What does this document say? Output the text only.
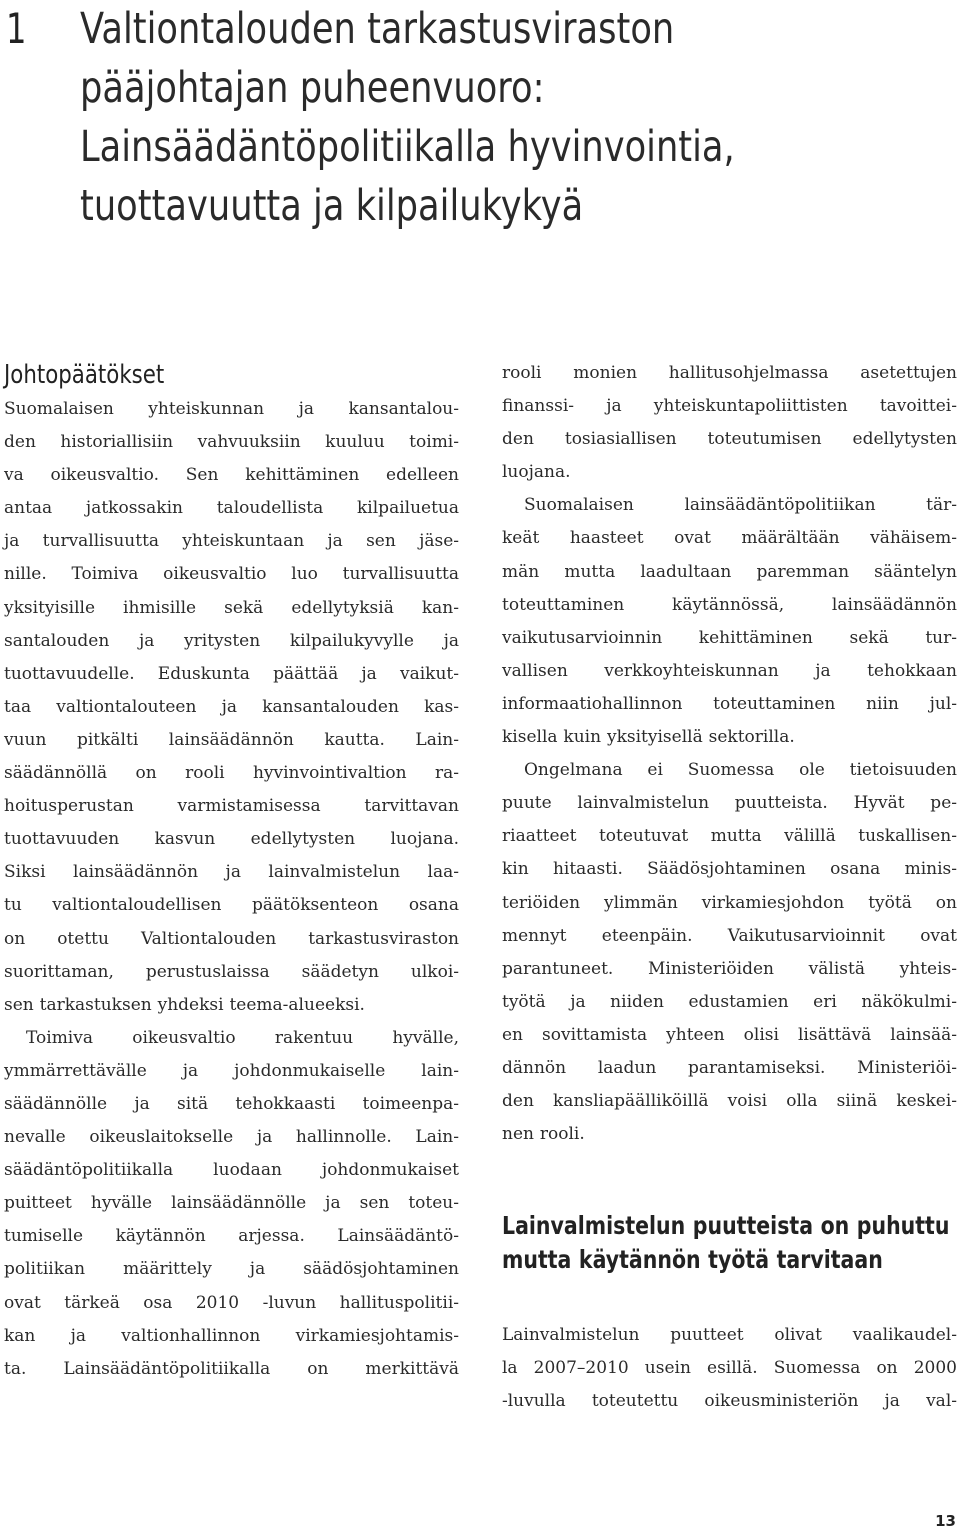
1 Valtiontalouden tarkastusviraston
pääjohtajan puheenvuoro:
Lainsäädäntöpolitiikalla hyvinvointia,
tuottavuutta ja kilpailukykyä
Johtopäätökset
Suomalaisen yhteiskunnan ja kansantalou-
den historiallisiin vahvuuksiin kuuluu toimi-
va oikeusvaltio. Sen kehittäminen edelleen
antaa jatkossakin taloudellista kilpailuetua
ja turvallisuutta yhteiskuntaan ja sen jäse-
nille. Toimiva oikeusvaltio luo turvallisuutta
yksityisille ihmisille sekä edellytyksiä kan-
santalouden ja yritysten kilpailukyvylle ja
tuottavuudelle. Eduskunta päättää ja vaikut-
taa valtiontalouteen ja kansantalouden kas-
vuun pitkälti lainsäädännön kautta. Lain-
säädännöllä on rooli hyvinvointivaltion ra-
hoitusperustan varmistamisessa tarvittavan
tuottavuuden kasvun edellytysten luojana.
Siksi lainsäädännön ja lainvalmistelun laa-
tu valtiontaloudellisen päätöksenteon osana
on otettu Valtiontalouden tarkastusviraston
suorittaman, perustuslaissa säädetyn ulkoi-
sen tarkastuksen yhdeksi teema-alueeksi.
Toimiva oikeusvaltio rakentuu hyvälle,
ymmärrettävälle ja johdonmukaiselle lain-
säädännölle ja sitä tehokkaasti toimeenpa-
nevalle oikeuslaitokselle ja hallinnolle. Lain-
säädäntöpolitiikalla luodaan johdonmukaiset
puitteet hyvälle lainsäädännölle ja sen toteu-
tumiselle käytännön arjessa. Lainsäädäntö-
politiikan määrittely ja säädösjohtaminen
ovat tärkeä osa 2010 -luvun hallituspolitii-
kan ja valtionhallinnon virkamiesjohtamis-
ta. Lainsäädäntöpolitiikalla on merkittävä
rooli monien hallitusohjelmassa asetettujen
finanssi- ja yhteiskuntapoliittisten tavoittei-
den tosiasiallisen toteutumisen edellytysten
luojana.
Suomalaisen lainsäädäntöpolitiikan tär-
keät haasteet ovat määrältään vähäisem-
män mutta laadultaan paremman sääntelyn
toteuttaminen käytännössä, lainsäädännön
vaikutusarvioinnin kehittäminen sekä tur-
vallisen verkkoyhteiskunnan ja tehokkaan
informaatiohallinnon toteuttaminen niin jul-
kisella kuin yksityisellä sektorilla.
Ongelmana ei Suomessa ole tietoisuuden
puute lainvalmistelun puutteista. Hyvät pe-
riaatteet toteutuvat mutta välillä tuskallisen-
kin hitaasti. Säädösjohtaminen osana minis-
teriöiden ylimmän virkamiesjohdon työtä on
mennyt eteenpäin. Vaikutusarvioinnit ovat
parantuneet. Ministeriöiden välistä yhteis-
työtä ja niiden edustamien eri näkökulmi-
en sovittamista yhteen olisi lisättävä lainsää-
dännön laadun parantamiseksi. Ministeriöi-
den kansliapäälliköillä voisi olla siinä keskei-
nen rooli.
Lainvalmistelun puutteista on puhuttu
mutta käytännön työtä tarvitaan
Lainvalmistelun puutteet olivat vaalikaudel-
la 2007–2010 usein esillä. Suomessa on 2000
-luvulla toteutettu oikeusministeriön ja val-
13
